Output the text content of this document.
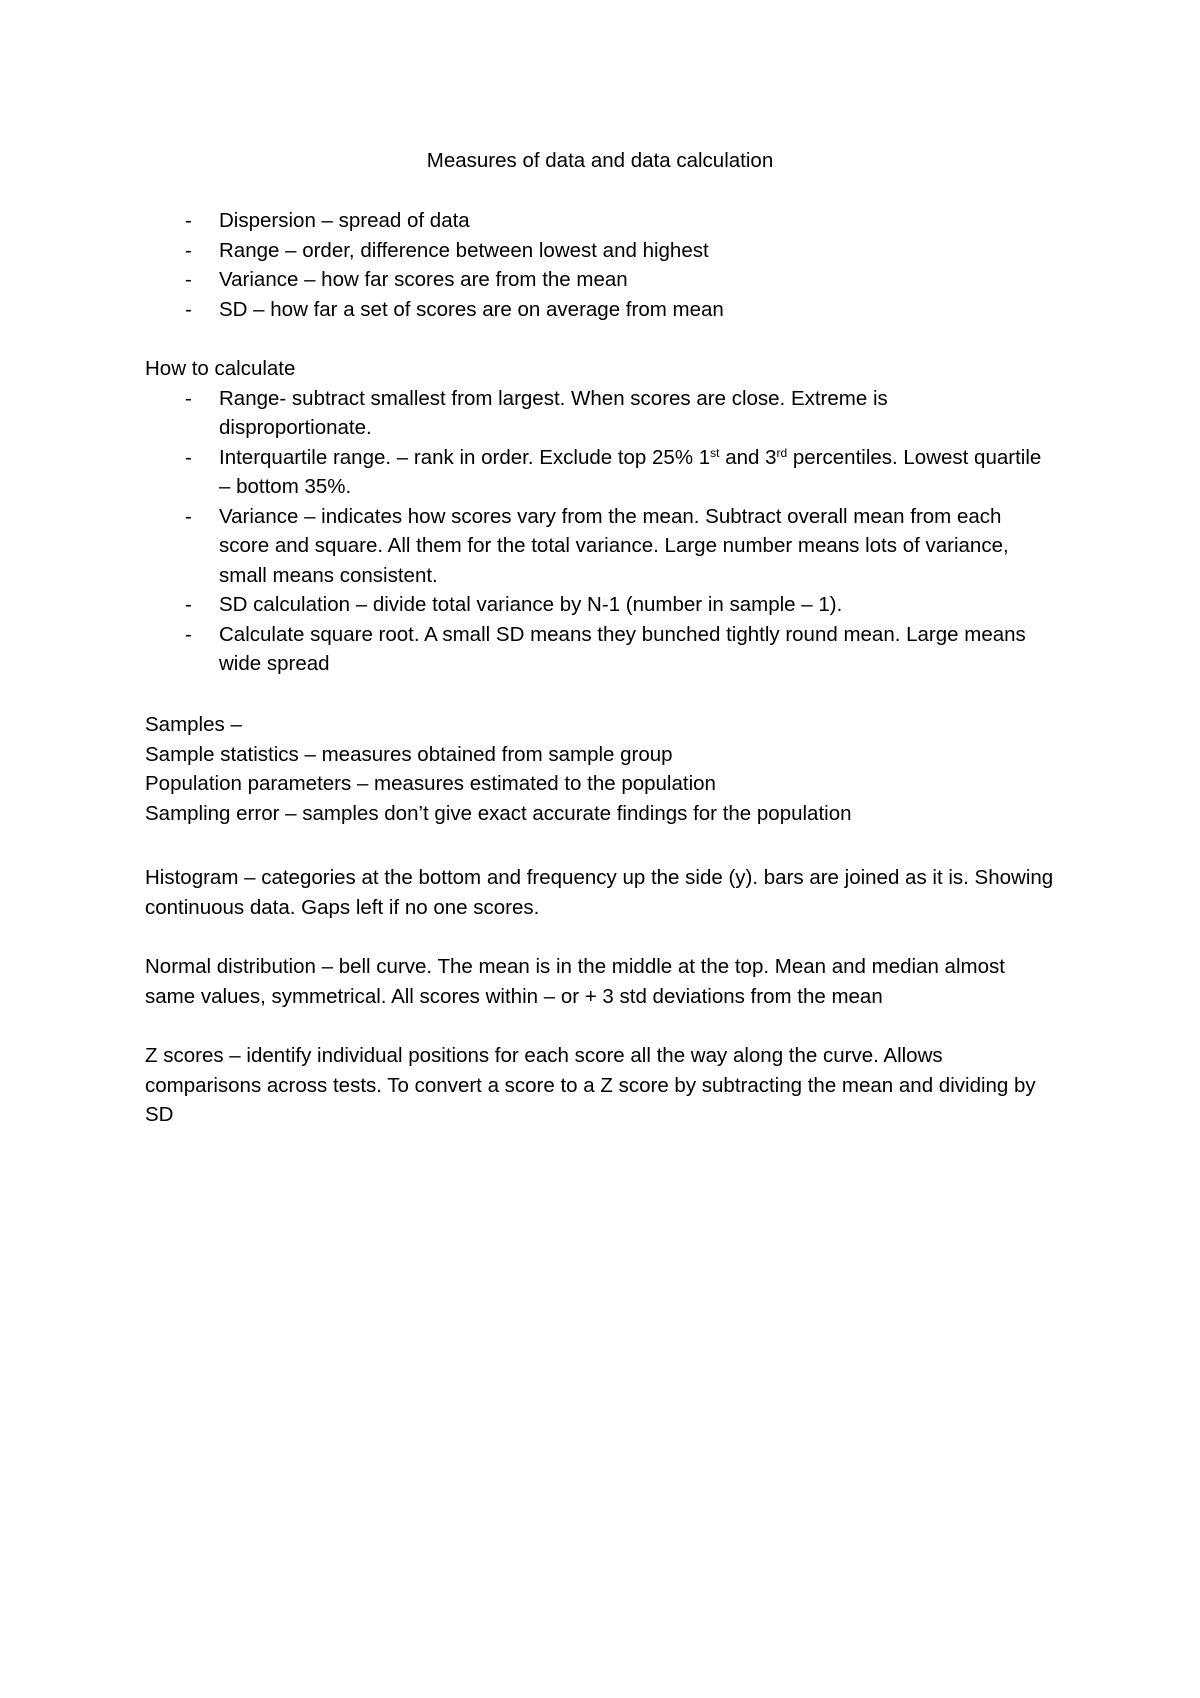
Measures of data and data calculation
- Dispersion – spread of data
- Range – order, difference between lowest and highest
- Variance – how far scores are from the mean
- SD – how far a set of scores are on average from mean

How to calculate

- Range- subtract smallest from largest. When scores are close. Extreme is disproportionate.
- Interquartile range. – rank in order. Exclude top 25% 1st and 3rd percentiles. Lowest quartile – bottom 35%.
- Variance – indicates how scores vary from the mean. Subtract overall mean from each score and square. All them for the total variance. Large number means lots of variance, small means consistent.
- SD calculation – divide total variance by N-1 (number in sample – 1).
- Calculate square root. A small SD means they bunched tightly round mean. Large means wide spread

Samples –

Sample statistics – measures obtained from sample group

Population parameters – measures estimated to the population

Sampling error – samples don’t give exact accurate findings for the population

Histogram – categories at the bottom and frequency up the side (y). bars are joined as it is. Showing continuous data. Gaps left if no one scores.

Normal distribution – bell curve. The mean is in the middle at the top. Mean and median almost same values, symmetrical. All scores within – or + 3 std deviations from the mean

Z scores – identify individual positions for each score all the way along the curve. Allows comparisons across tests. To convert a score to a Z score by subtracting the mean and dividing by SD
